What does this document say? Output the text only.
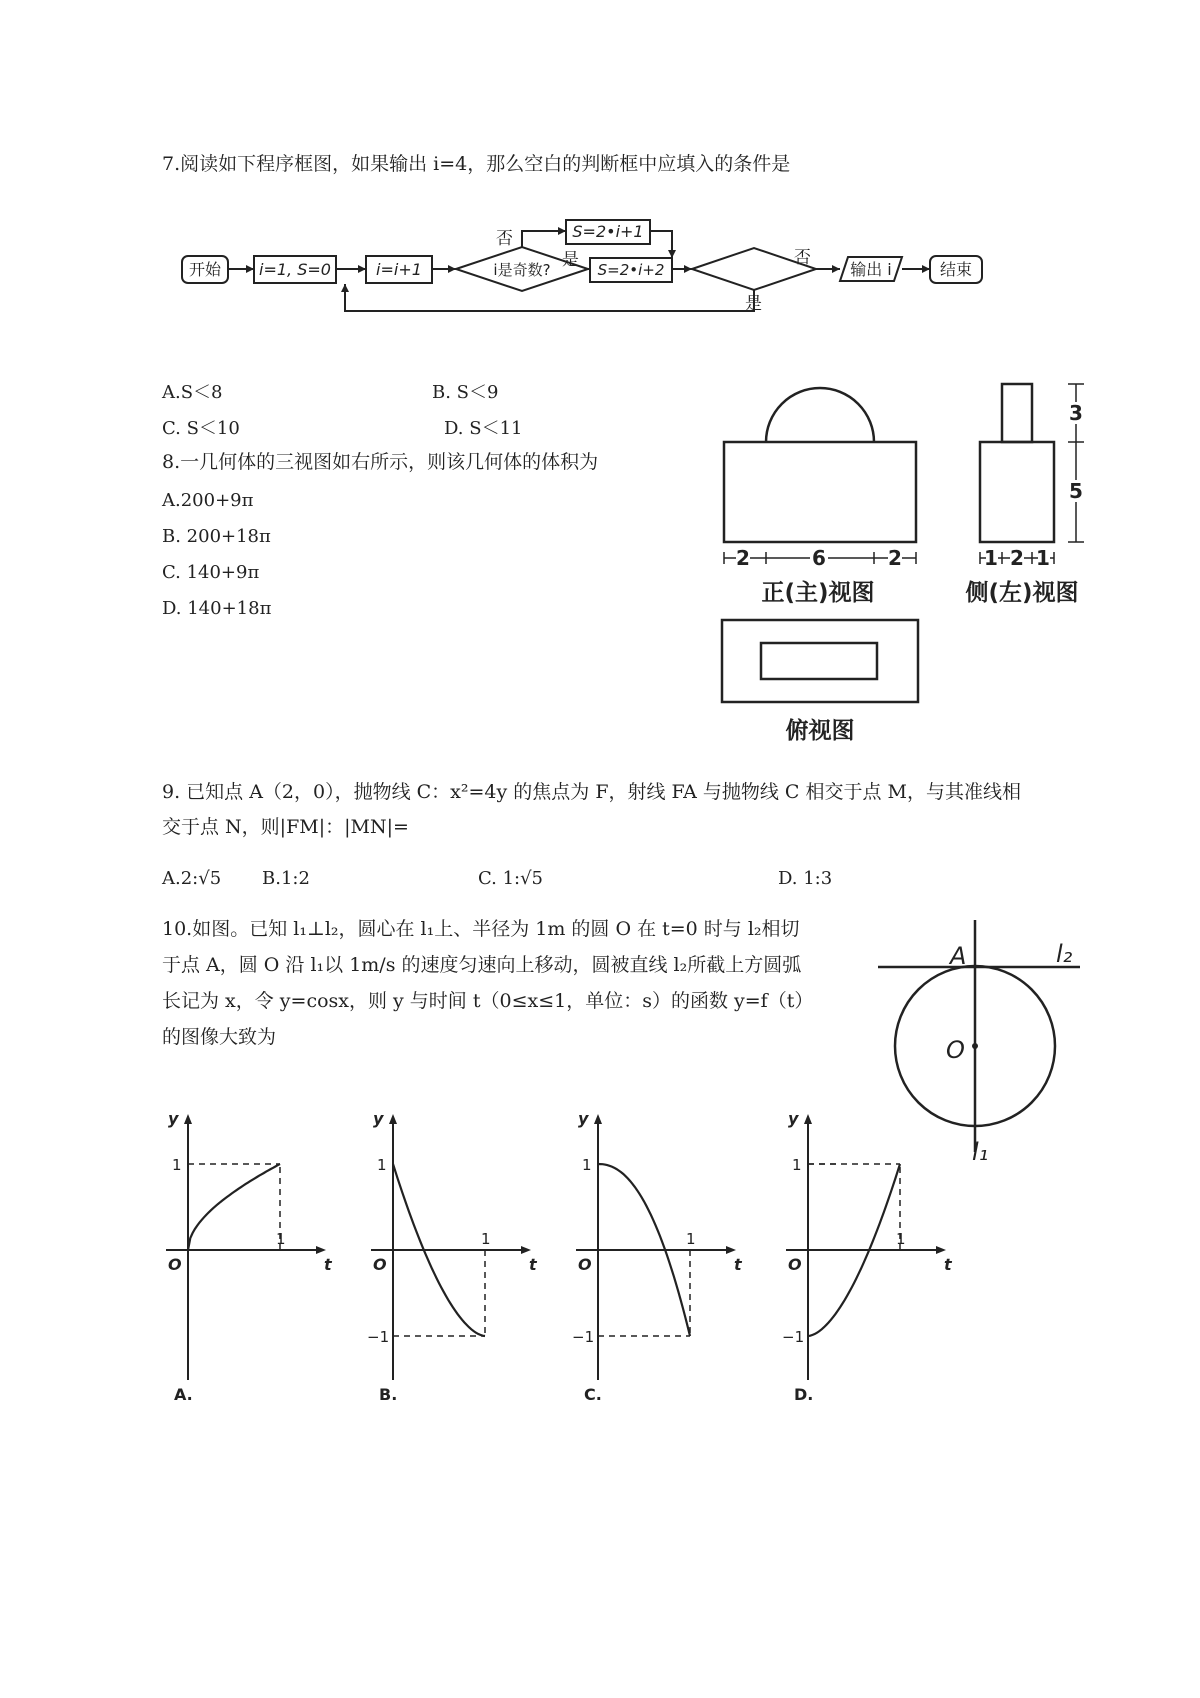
7.阅读如下程序框图，如果输出 i=4，那么空白的判断框中应填入的条件是
开始 i=1, S=0	i=i+1	i是奇数?
否
是
S=2•i+1
S=2•i+2
否
是
输出 i	结束
A.S＜8	B. S＜9
C. S＜10	D. S＜11
8.一几何体的三视图如右所示，则该几何体的体积为
A.200+9π
B. 200+18π
C. 140+9π
D. 140+18π
2	6	2	1 2 1
3
5
正(主)视图	侧(左)视图
俯视图
9. 已知点 A（2，0），抛物线 C：x²=4y 的焦点为 F，射线 FA 与抛物线 C 相交于点 M，与其准线相
交于点 N，则|FM|：|MN|=
A.2:√5 B.1:2	C. 1:√5	D. 1:3
10.如图。已知 l₁⊥l₂，圆心在 l₁上、半径为 1m 的圆 O 在 t=0 时与 l₂相切
于点 A，圆 O 沿 l₁以 1m/s 的速度匀速向上移动，圆被直线 l₂所截上方圆弧
长记为 x，令 y=cosx，则 y 与时间 t（0≤x≤1，单位：s）的函数 y=f（t）
的图像大致为
A
O
l₂
l₁
y
t
O
1
1
A.
y
t
O
1
1
−1
B.
y
t
O
1
1
−1
C.
y
t
O
1
1
−1
D.
